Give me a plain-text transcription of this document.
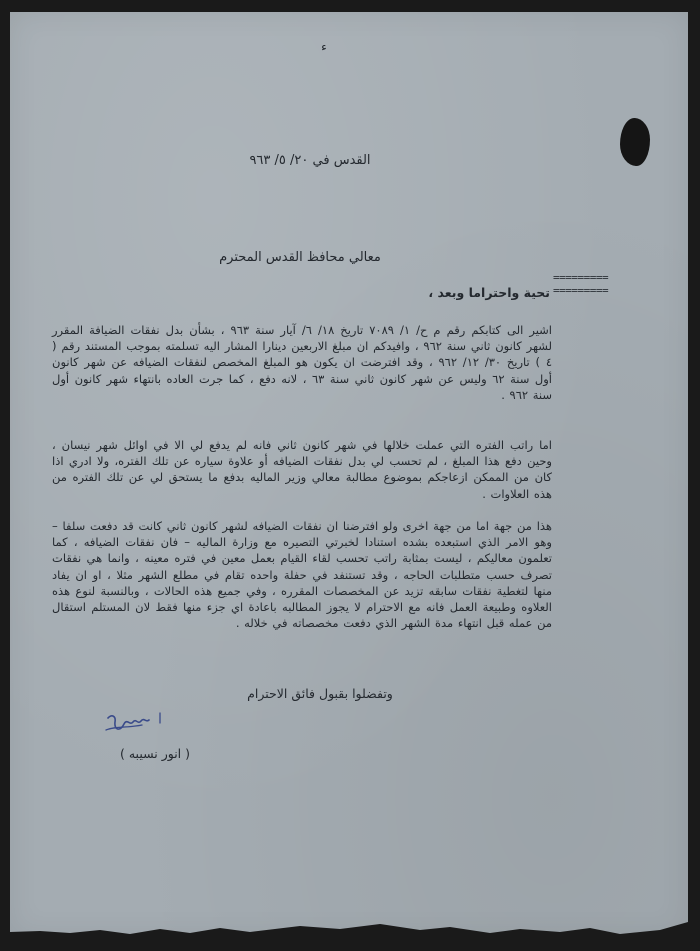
ء

القدس في ٢٠/ ٥/ ٩٦٣

معالي محافظ القدس المحترم

=========
=========

تحية واحتراما وبعد ،

اشير الى كتابكم رقم م ح/ ١/ ٧٠٨٩ تاريخ ١٨/ ٦/ آيار سنة ٩٦٣ ، بشأن بدل نفقات الضيافة المقرر لشهر كانون ثاني سنة ٩٦٢ ، وافيدكم ان مبلغ الاربعين دينارا المشار اليه تسلمته بموجب المستند رقم ( ٤ ) تاريخ ٣٠/ ١٢/ ٩٦٢ ، وقد افترضت ان يكون هو المبلغ المخصص لنفقات الضيافه عن شهر كانون أول سنة ٦٢ وليس عن شهر كانون ثاني سنة ٦٣ ، لانه دفع ، كما جرت العاده بانتهاء شهر كانون أول سنة ٩٦٢ .

اما راتب الفتره التي عملت خلالها في شهر كانون ثاني فانه لم يدفع لي الا في اوائل شهر نيسان ، وحين دفع هذا المبلغ ، لم تحسب لي بدل نفقات الضيافه أو علاوة سياره عن تلك الفتره، ولا ادري اذا كان من الممكن ازعاجكم بموضوع مطالبة معالي وزير الماليه بدفع ما يستحق لي عن تلك الفتره من هذه العلاوات .

هذا من جهة اما من جهة اخرى ولو افترضنا ان نفقات الضيافه لشهر كانون ثاني كانت قد دفعت سلفا – وهو الامر الذي استبعده بشده استنادا لخبرتي التصيره مع وزارة الماليه – فان نفقات الضيافه ، كما تعلمون معاليكم ، ليست بمثابة راتب تحسب لقاء القيام بعمل معين في فتره معينه ، وانما هي نفقات تصرف حسب متطلبات الحاجه ، وقد تستنفد في حفلة واحده تقام في مطلع الشهر مثلا ، او ان يفاد منها لتغطية نفقات سابقه تزيد عن المخصصات المقرره ، وفي جميع هذه الحالات ، وبالنسبة لنوع هذه العلاوه وطبيعة العمل فانه مع الاحترام لا يجوز المطالبه باعادة اي جزء منها فقط لان المستلم استقال من عمله قبل انتهاء مدة الشهر الذي دفعت مخصصاته في خلاله .

وتفضلوا بقبول فائق الاحترام

( انور نسيبه )
